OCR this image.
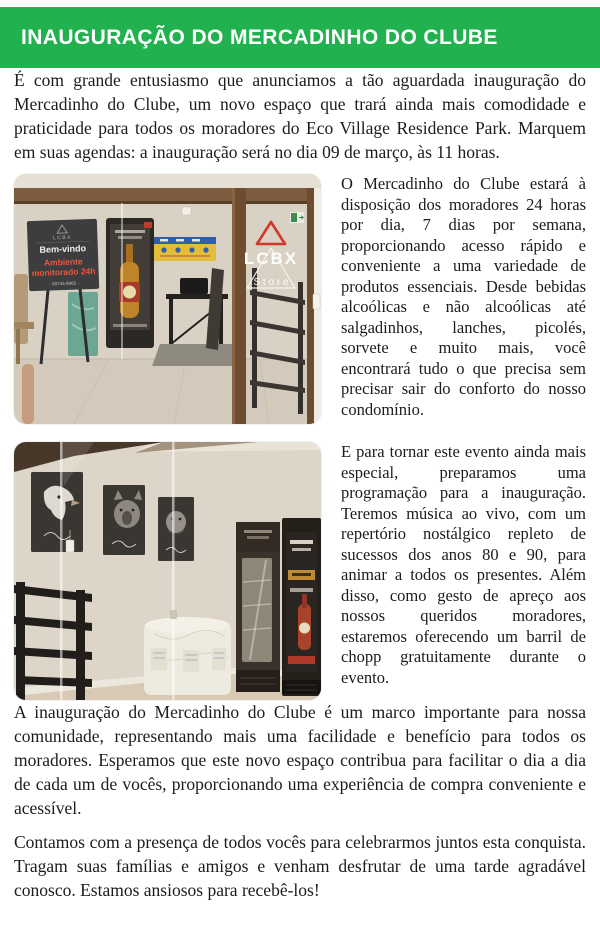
INAUGURAÇÃO DO MERCADINHO DO CLUBE

É com grande entusiasmo que anunciamos a tão aguardada inauguração do Mercadinho do Clube, um novo espaço que trará ainda mais comodidade e praticidade para todos os moradores do Eco Village Residence Park. Marquem em suas agendas: a inauguração será no dia 09 de março, às 11 horas.

LCBX
Bem-vindo
Ambiente
monitorado 24h
· 99745-8965 ·
LCBX
S t o r e

O Mercadinho do Clube estará à disposição dos moradores 24 horas por dia, 7 dias por semana, proporcionando acesso rápido e conveniente a uma variedade de produtos essenciais. Desde bebidas alcoólicas e não alcoólicas até salgadinhos, lanches, picolés, sorvete e muito mais, você encontrará tudo o que precisa sem precisar sair do conforto do nosso condomínio.

E para tornar este evento ainda mais especial, preparamos uma programação para a inauguração. Teremos música ao vivo, com um repertório nostálgico repleto de sucessos dos anos 80 e 90, para animar a todos os presentes. Além disso, como gesto de apreço aos nossos queridos moradores, estaremos oferecendo um barril de chopp gratuitamente durante o evento.

A inauguração do Mercadinho do Clube é um marco importante para nossa comunidade, representando mais uma facilidade e benefício para todos os moradores. Esperamos que este novo espaço contribua para facilitar o dia a dia de cada um de vocês, proporcionando uma experiência de compra conveniente e acessível.

Contamos com a presença de todos vocês para celebrarmos juntos esta conquista. Tragam suas famílias e amigos e venham desfrutar de uma tarde agradável conosco. Estamos ansiosos para recebê-los!
